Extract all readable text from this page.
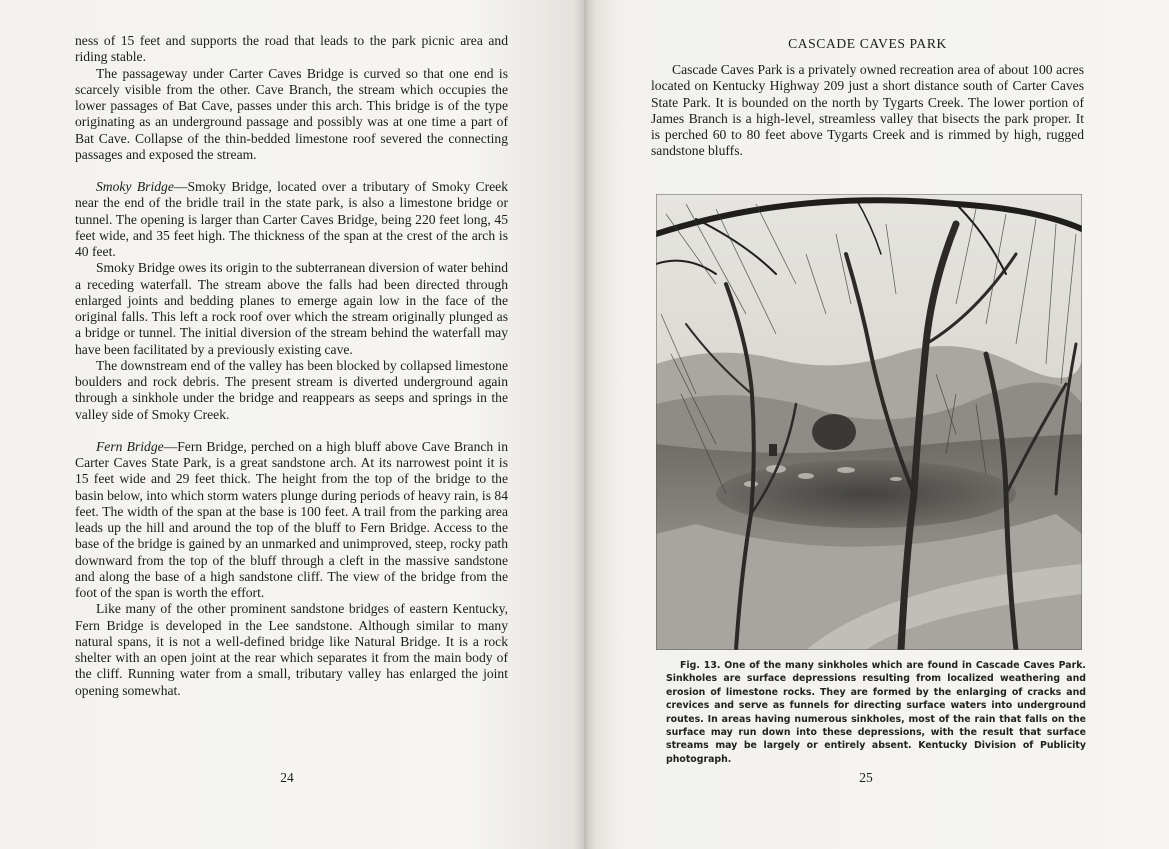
ness of 15 feet and supports the road that leads to the park picnic area and riding stable.

The passageway under Carter Caves Bridge is curved so that one end is scarcely visible from the other. Cave Branch, the stream which occupies the lower passages of Bat Cave, passes under this arch. This bridge is of the type originating as an underground passage and possibly was at one time a part of Bat Cave. Collapse of the thin-bedded limestone roof severed the connecting passages and exposed the stream.

Smoky Bridge—Smoky Bridge, located over a tributary of Smoky Creek near the end of the bridle trail in the state park, is also a limestone bridge or tunnel. The opening is larger than Carter Caves Bridge, being 220 feet long, 45 feet wide, and 35 feet high. The thickness of the span at the crest of the arch is 40 feet.

Smoky Bridge owes its origin to the subterranean diversion of water behind a receding waterfall. The stream above the falls had been directed through enlarged joints and bedding planes to emerge again low in the face of the original falls. This left a rock roof over which the stream originally plunged as a bridge or tunnel. The initial diversion of the stream behind the waterfall may have been facilitated by a previously existing cave.

The downstream end of the valley has been blocked by collapsed limestone boulders and rock debris. The present stream is diverted underground again through a sinkhole under the bridge and reappears as seeps and springs in the valley side of Smoky Creek.

Fern Bridge—Fern Bridge, perched on a high bluff above Cave Branch in Carter Caves State Park, is a great sandstone arch. At its narrowest point it is 15 feet wide and 29 feet thick. The height from the top of the bridge to the basin below, into which storm waters plunge during periods of heavy rain, is 84 feet. The width of the span at the base is 100 feet. A trail from the parking area leads up the hill and around the top of the bluff to Fern Bridge. Access to the base of the bridge is gained by an unmarked and unimproved, steep, rocky path downward from the top of the bluff through a cleft in the massive sandstone and along the base of a high sandstone cliff. The view of the bridge from the foot of the span is worth the effort.

Like many of the other prominent sandstone bridges of eastern Kentucky, Fern Bridge is developed in the Lee sandstone. Although similar to many natural spans, it is not a well-defined bridge like Natural Bridge. It is a rock shelter with an open joint at the rear which separates it from the main body of the cliff. Running water from a small, tributary valley has enlarged the joint opening somewhat.

24
CASCADE CAVES PARK

Cascade Caves Park is a privately owned recreation area of about 100 acres located on Kentucky Highway 209 just a short distance south of Carter Caves State Park. It is bounded on the north by Tygarts Creek. The lower portion of James Branch is a high-level, streamless valley that bisects the park proper. It is perched 60 to 80 feet above Tygarts Creek and is rimmed by high, rugged sandstone bluffs.

Fig. 13. One of the many sinkholes which are found in Cascade Caves Park. Sinkholes are surface depressions resulting from localized weathering and erosion of limestone rocks. They are formed by the enlarging of cracks and crevices and serve as funnels for directing surface waters into underground routes. In areas having numerous sinkholes, most of the rain that falls on the surface may run down into these depressions, with the result that surface streams may be largely or entirely absent. Kentucky Division of Publicity photograph.

25
